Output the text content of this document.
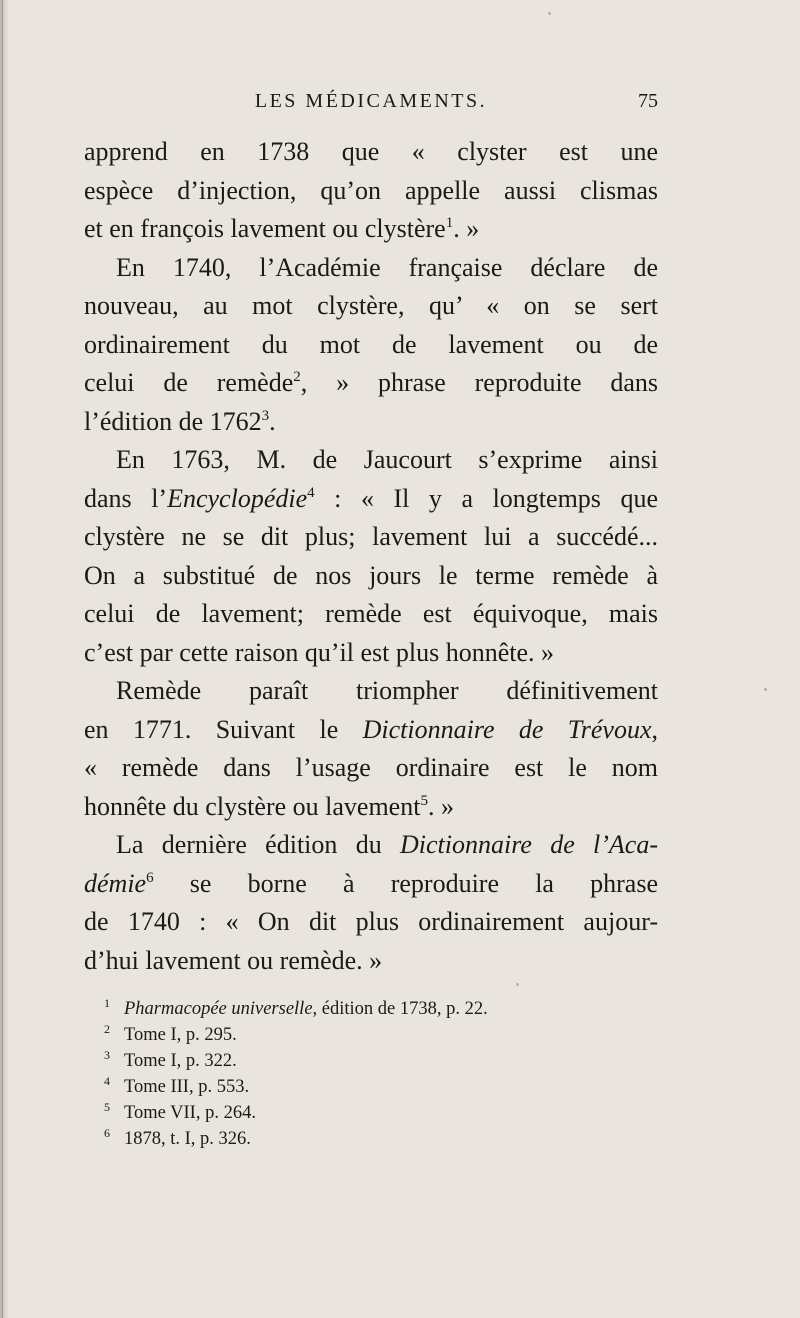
LES MÉDICAMENTS.	75
apprend en 1738 que « clyster est une
espèce d’injection, qu’on appelle aussi clismas
et en françois lavement ou clystère$^1$. »
En 1740, l’Académie française déclare de
nouveau, au mot clystère, qu’ « on se sert
ordinairement du mot de lavement ou de
celui de remède$^2$, » phrase reproduite dans
l’édition de 1762$^3$.
En 1763, M. de Jaucourt s’exprime ainsi
dans l’Encyclopédie$^4$ : « Il y a longtemps que
clystère ne se dit plus; lavement lui a succédé...
On a substitué de nos jours le terme remède à
celui de lavement; remède est équivoque, mais
c’est par cette raison qu’il est plus honnête. »
Remède paraît triompher définitivement
en 1771. Suivant le Dictionnaire de Trévoux,
« remède dans l’usage ordinaire est le nom
honnête du clystère ou lavement$^5$. »
La dernière édition du Dictionnaire de l’Aca-
démie$^6$ se borne à reproduire la phrase
de 1740 : « On dit plus ordinairement aujour-
d’hui lavement ou remède. »
1 Pharmacopée universelle, édition de 1738, p. 22.
2 Tome I, p. 295.
3 Tome I, p. 322.
4 Tome III, p. 553.
5 Tome VII, p. 264.
6 1878, t. I, p. 326.
